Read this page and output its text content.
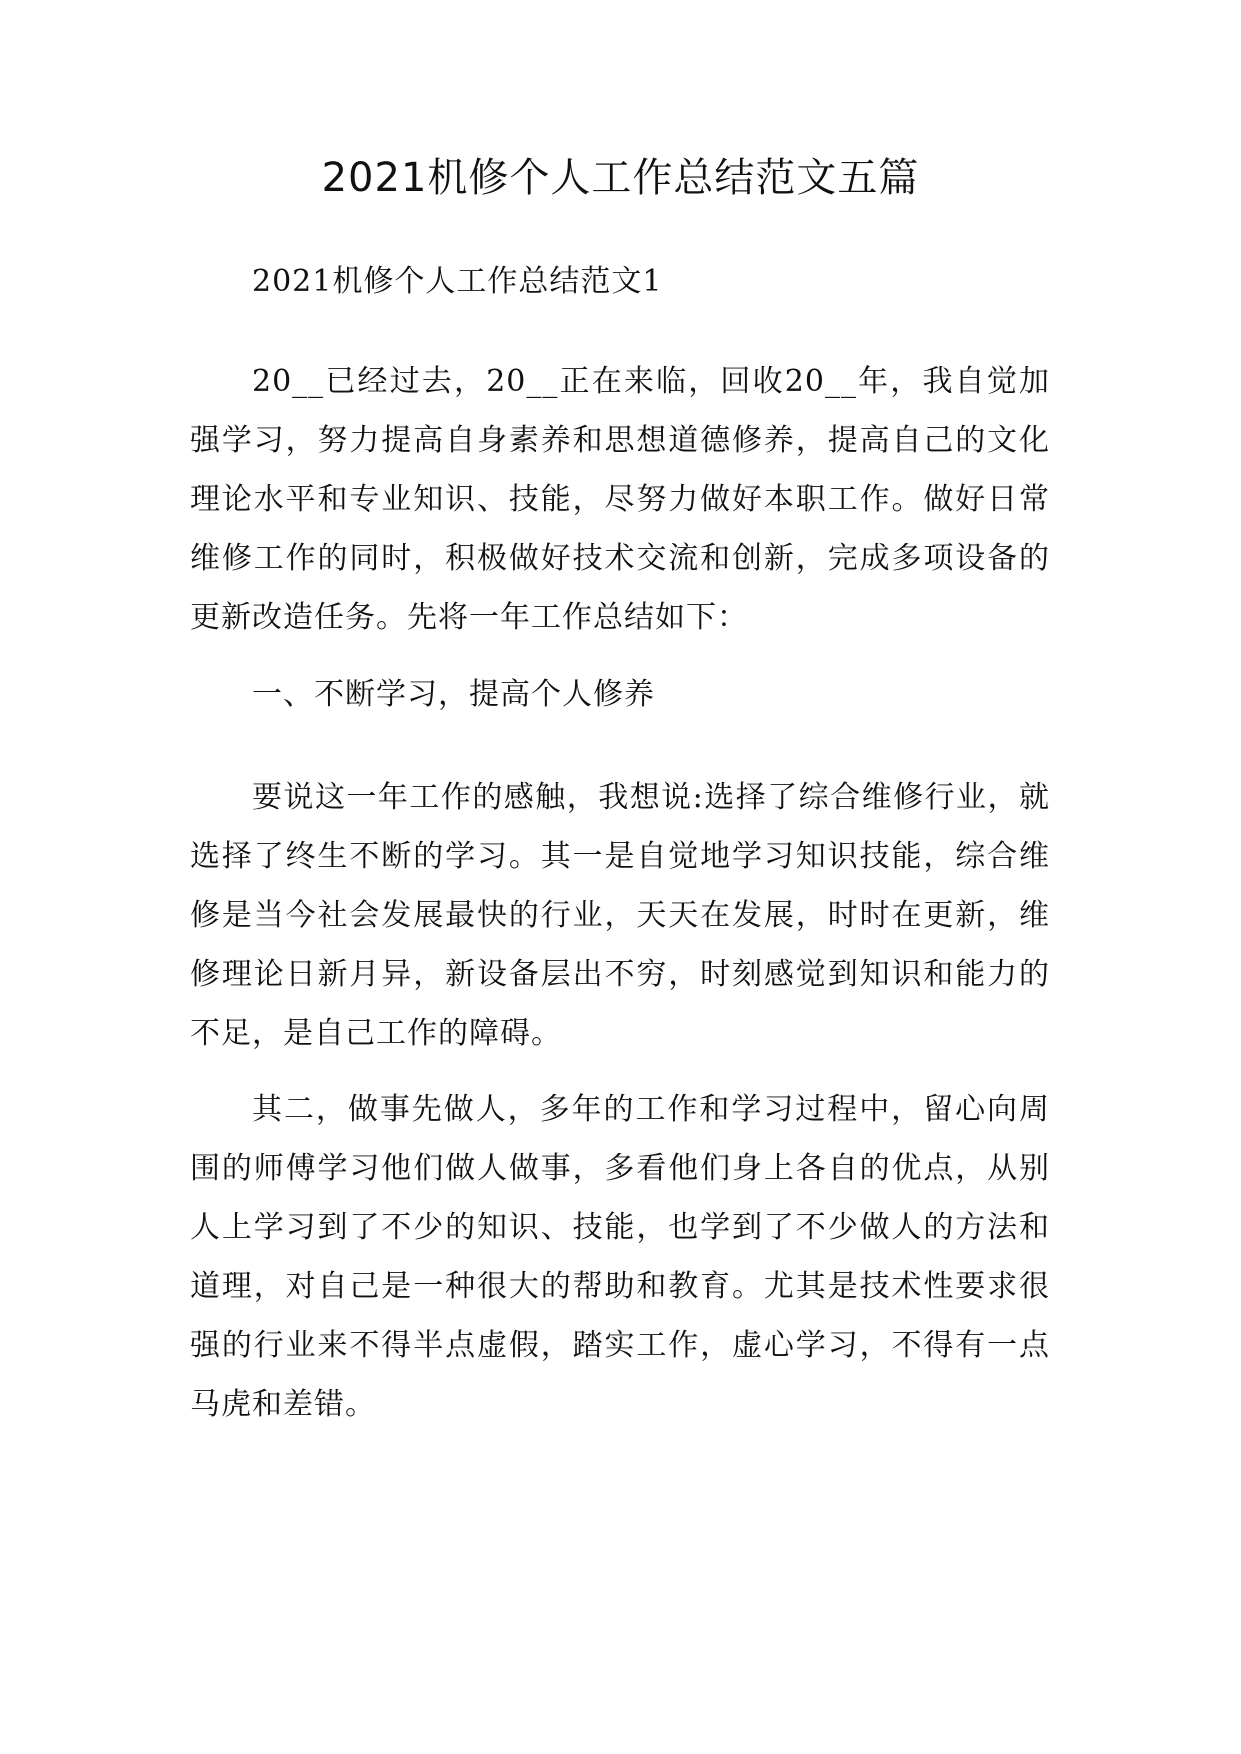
2021机修个人工作总结范文五篇

2021机修个人工作总结范文1

20__已经过去，20__正在来临，回收20__年，我自觉加强学习，努力提高自身素养和思想道德修养，提高自己的文化理论水平和专业知识、技能，尽努力做好本职工作。做好日常维修工作的同时，积极做好技术交流和创新，完成多项设备的更新改造任务。先将一年工作总结如下：

一、不断学习，提高个人修养

要说这一年工作的感触，我想说:选择了综合维修行业，就选择了终生不断的学习。其一是自觉地学习知识技能，综合维修是当今社会发展最快的行业，天天在发展，时时在更新，维修理论日新月异，新设备层出不穷，时刻感觉到知识和能力的不足，是自己工作的障碍。

其二，做事先做人，多年的工作和学习过程中，留心向周围的师傅学习他们做人做事，多看他们身上各自的优点，从别人上学习到了不少的知识、技能，也学到了不少做人的方法和道理，对自己是一种很大的帮助和教育。尤其是技术性要求很强的行业来不得半点虚假，踏实工作，虚心学习，不得有一点马虎和差错。
